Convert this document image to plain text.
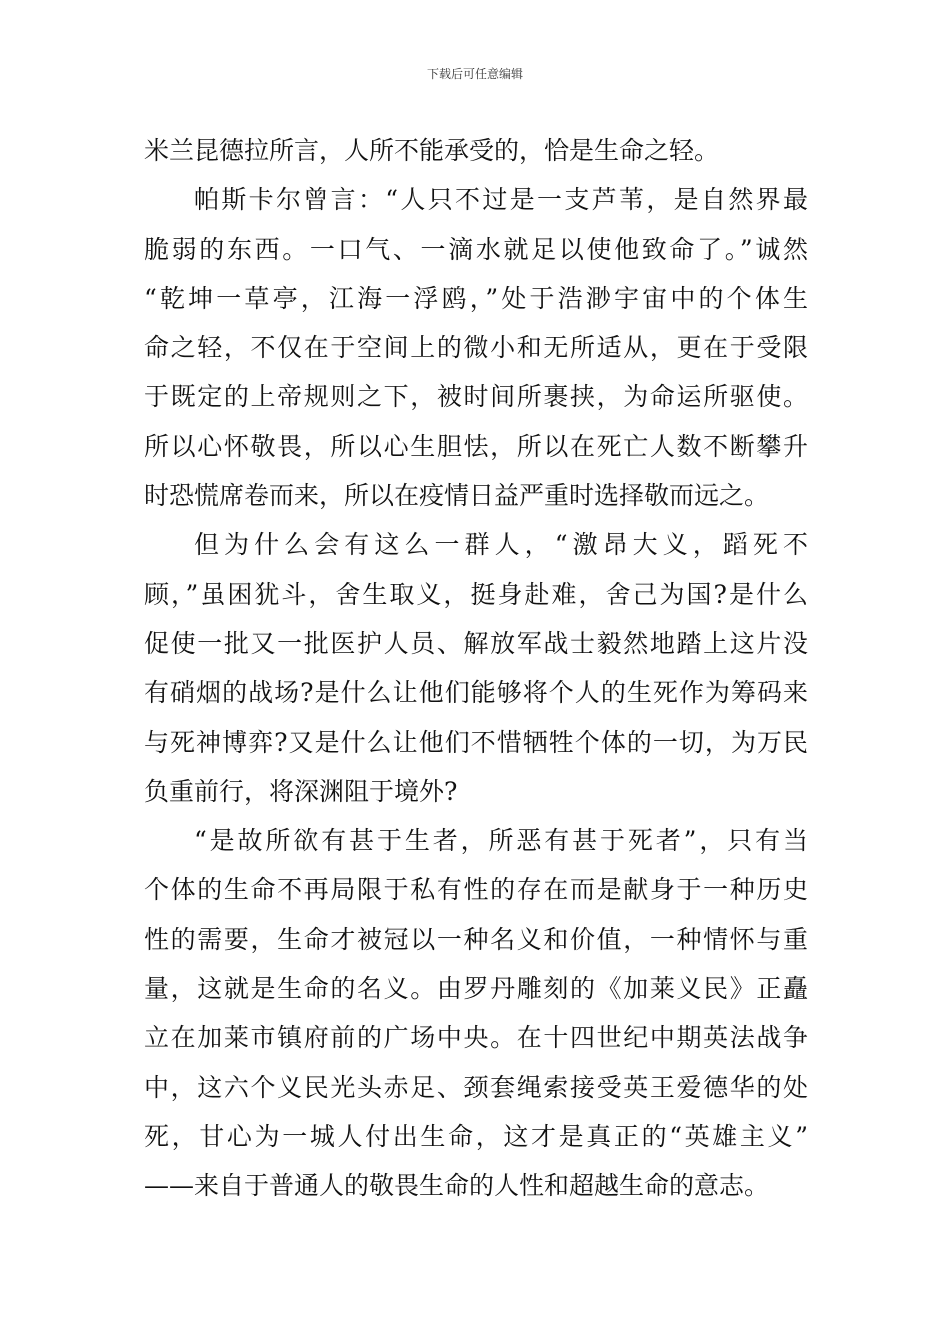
下载后可任意编辑
米兰昆德拉所言，人所不能承受的，恰是生命之轻。
帕斯卡尔曾言：“人只不过是一支芦苇，是自然界最
脆弱的东西。一口气、一滴水就足以使他致命了。”诚然
“乾坤一草亭，江海一浮鸥，”处于浩渺宇宙中的个体生
命之轻，不仅在于空间上的微小和无所适从，更在于受限
于既定的上帝规则之下，被时间所裹挟，为命运所驱使。
所以心怀敬畏，所以心生胆怯，所以在死亡人数不断攀升
时恐慌席卷而来，所以在疫情日益严重时选择敬而远之。
但为什么会有这么一群人，“激昂大义，蹈死不
顾，”虽困犹斗，舍生取义，挺身赴难，舍己为国?是什么
促使一批又一批医护人员、解放军战士毅然地踏上这片没
有硝烟的战场?是什么让他们能够将个人的生死作为筹码来
与死神博弈?又是什么让他们不惜牺牲个体的一切，为万民
负重前行，将深渊阻于境外?
“是故所欲有甚于生者，所恶有甚于死者”，只有当
个体的生命不再局限于私有性的存在而是献身于一种历史
性的需要，生命才被冠以一种名义和价值，一种情怀与重
量，这就是生命的名义。由罗丹雕刻的《加莱义民》正矗
立在加莱市镇府前的广场中央。在十四世纪中期英法战争
中，这六个义民光头赤足、颈套绳索接受英王爱德华的处
死，甘心为一城人付出生命，这才是真正的“英雄主义”
——来自于普通人的敬畏生命的人性和超越生命的意志。
